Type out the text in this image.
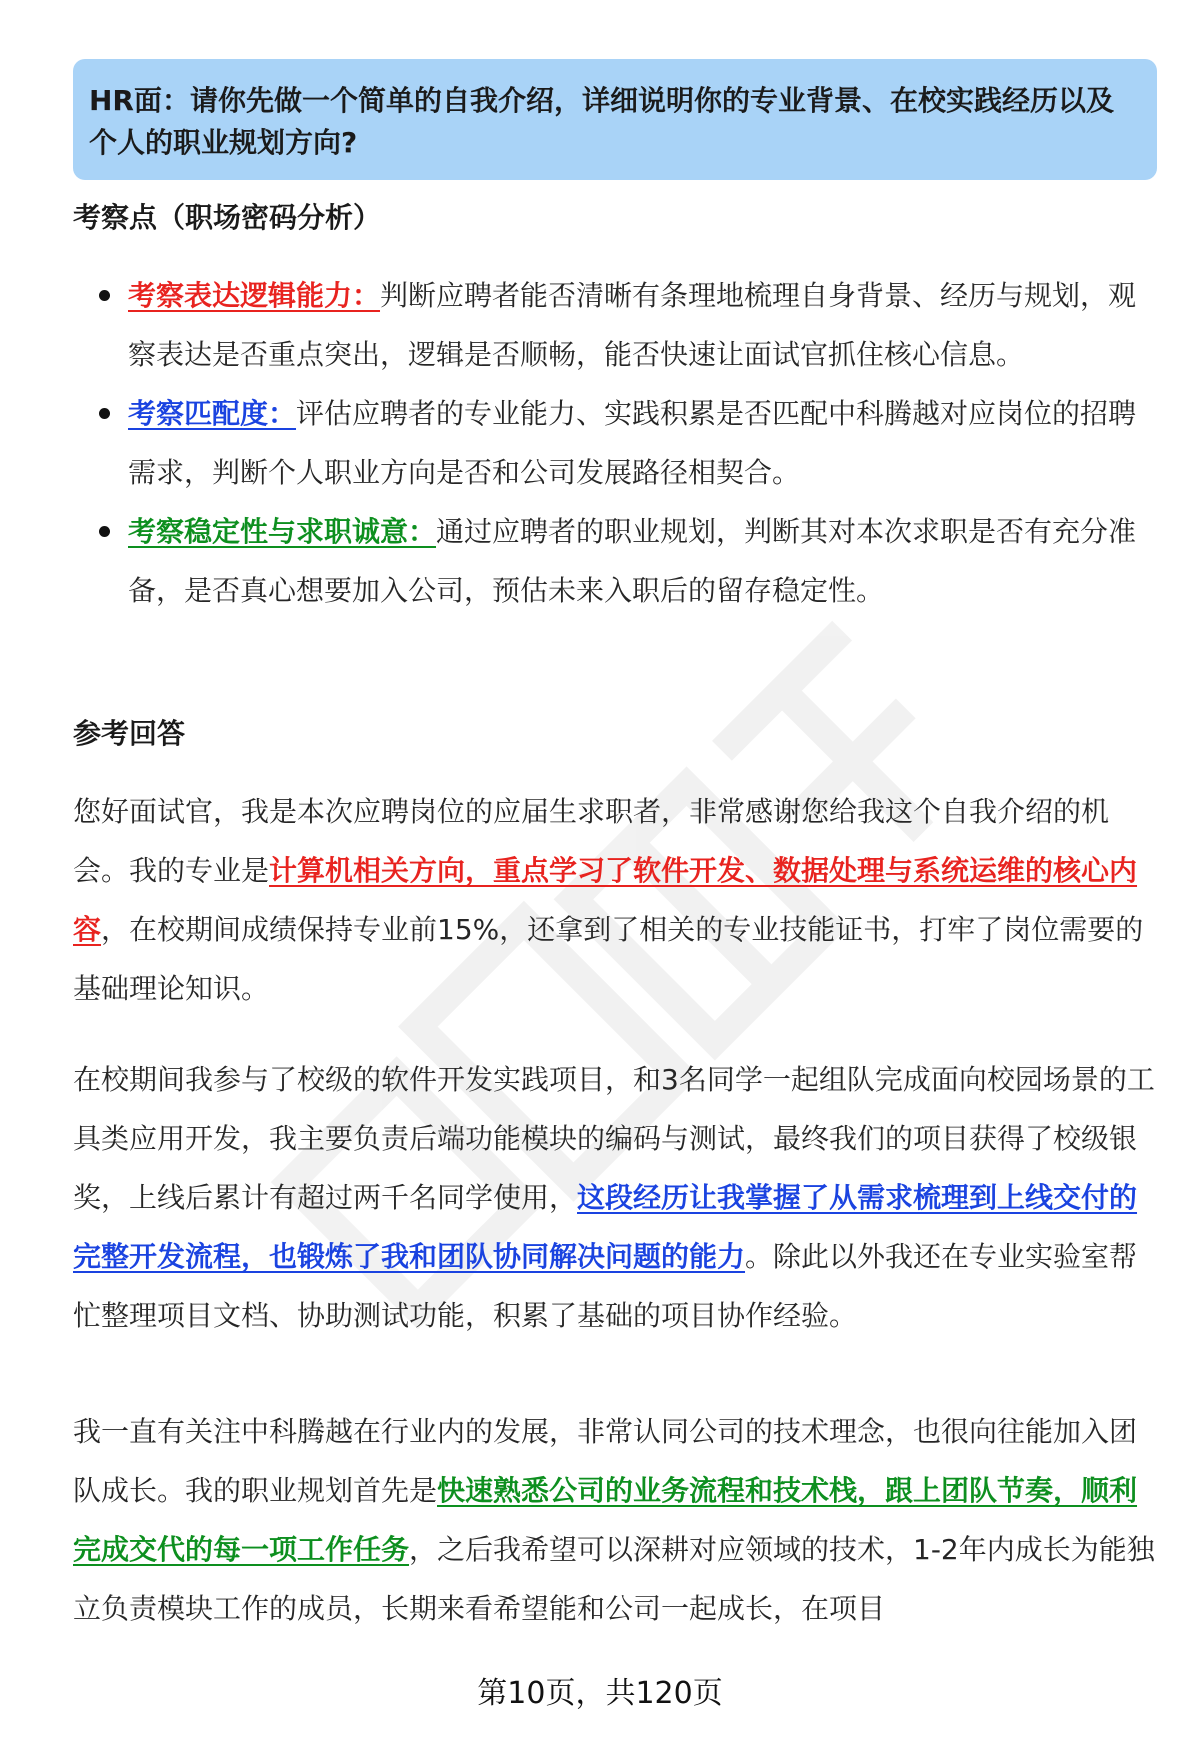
HR面：请你先做一个简单的自我介绍，详细说明你的专业背景、在校实践经历以及个人的职业规划方向?
考察点（职场密码分析）
考察表达逻辑能力：判断应聘者能否清晰有条理地梳理自身背景、经历与规划，观察表达是否重点突出，逻辑是否顺畅，能否快速让面试官抓住核心信息。
考察匹配度：评估应聘者的专业能力、实践积累是否匹配中科腾越对应岗位的招聘需求，判断个人职业方向是否和公司发展路径相契合。
考察稳定性与求职诚意：通过应聘者的职业规划，判断其对本次求职是否有充分准备，是否真心想要加入公司，预估未来入职后的留存稳定性。
参考回答

您好面试官，我是本次应聘岗位的应届生求职者，非常感谢您给我这个自我介绍的机会。我的专业是计算机相关方向，重点学习了软件开发、数据处理与系统运维的核心内容，在校期间成绩保持专业前15%，还拿到了相关的专业技能证书，打牢了岗位需要的基础理论知识。

在校期间我参与了校级的软件开发实践项目，和3名同学一起组队完成面向校园场景的工具类应用开发，我主要负责后端功能模块的编码与测试，最终我们的项目获得了校级银奖，上线后累计有超过两千名同学使用，这段经历让我掌握了从需求梳理到上线交付的完整开发流程，也锻炼了我和团队协同解决问题的能力。除此以外我还在专业实验室帮忙整理项目文档、协助测试功能，积累了基础的项目协作经验。

我一直有关注中科腾越在行业内的发展，非常认同公司的技术理念，也很向往能加入团队成长。我的职业规划首先是快速熟悉公司的业务流程和技术栈，跟上团队节奏，顺利完成交代的每一项工作任务，之后我希望可以深耕对应领域的技术，1-2年内成长为能独立负责模块工作的成员，长期来看希望能和公司一起成长，在项目

第10页，共120页
